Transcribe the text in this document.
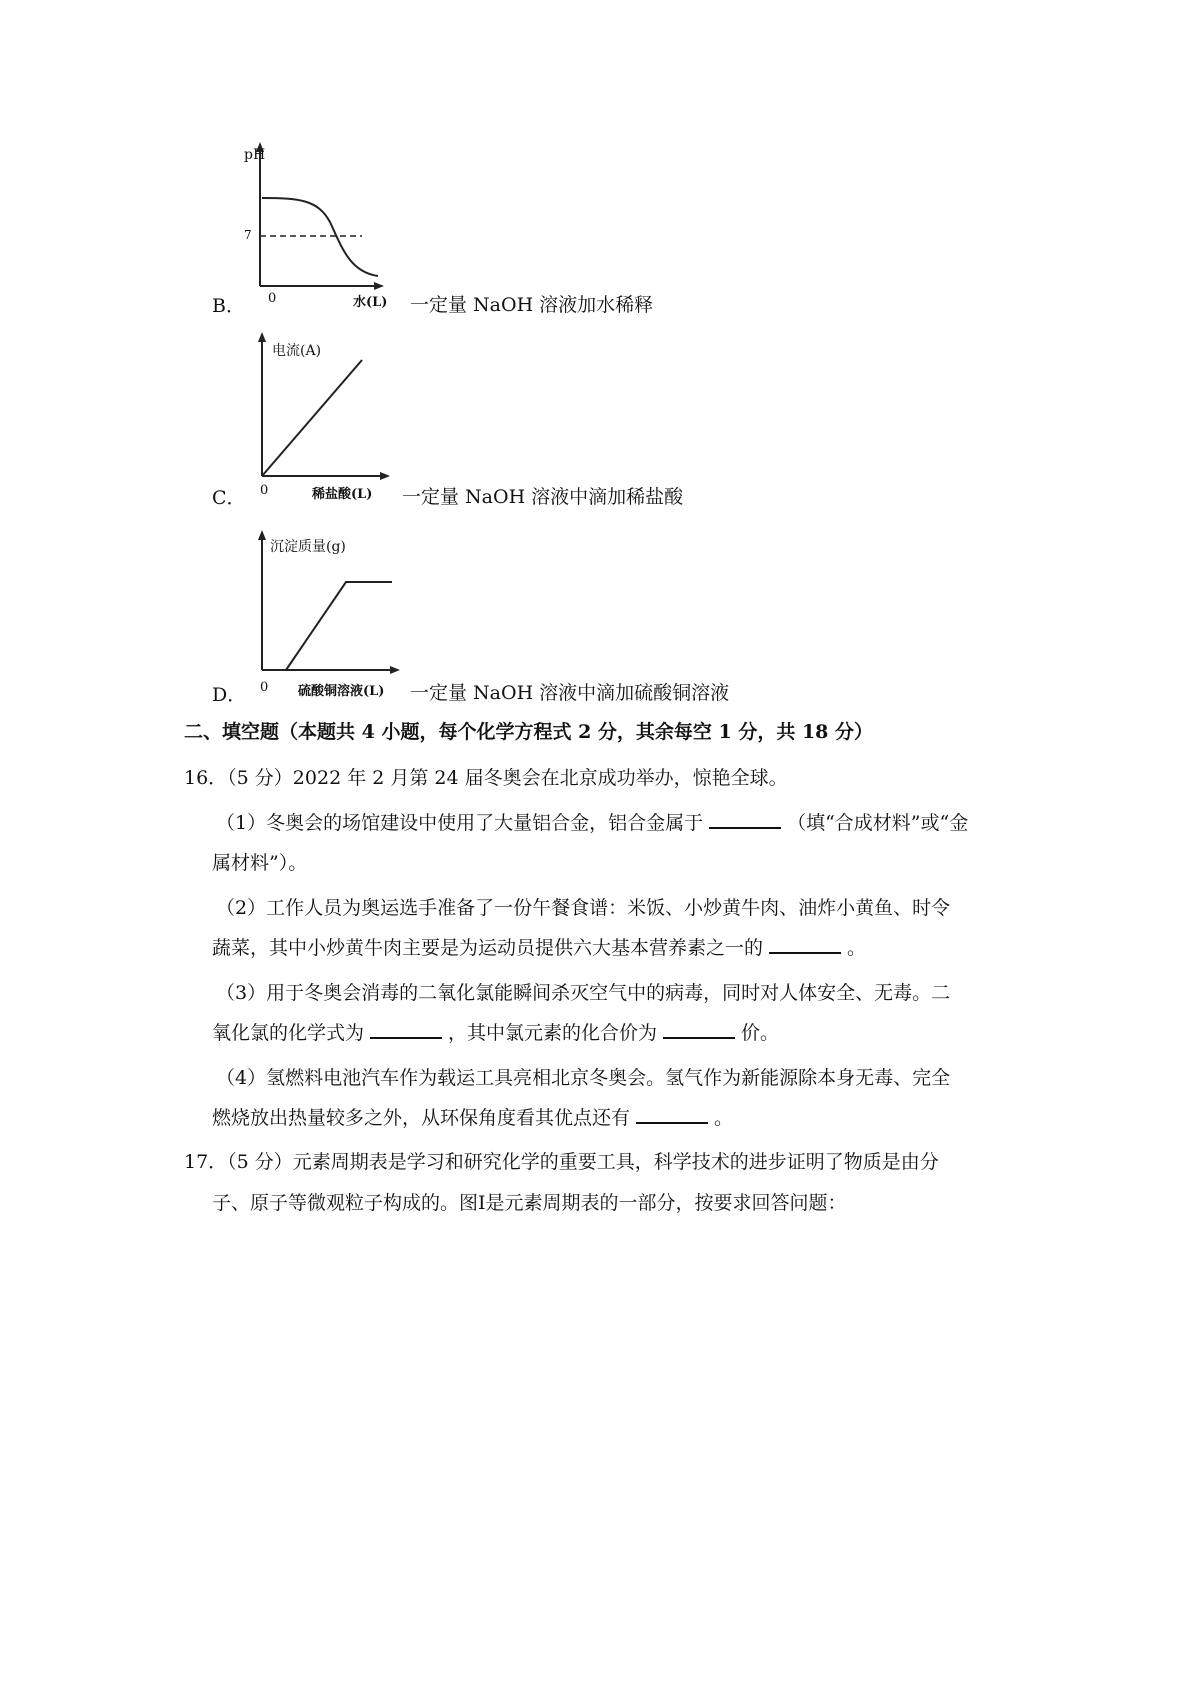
pH
7
0	水(L)
B．	一定量 NaOH 溶液加水稀释
电流(A)
0	稀盐酸(L)
C．	一定量 NaOH 溶液中滴加稀盐酸
沉淀质量(g)
0 硫酸铜溶液(L)
D．	一定量 NaOH 溶液中滴加硫酸铜溶液
二、填空题（本题共 4 小题，每个化学方程式 2 分，其余每空 1 分，共 18 分）
16．（5 分）2022 年 2 月第 24 届冬奥会在北京成功举办，惊艳全球。
（1）冬奥会的场馆建设中使用了大量铝合金，铝合金属于	（填“合成材料”或“金
属材料”）。
（2）工作人员为奥运选手准备了一份午餐食谱：米饭、小炒黄牛肉、油炸小黄鱼、时令
蔬菜，其中小炒黄牛肉主要是为运动员提供六大基本营养素之一的	。
（3）用于冬奥会消毒的二氧化氯能瞬间杀灭空气中的病毒，同时对人体安全、无毒。二
氧化氯的化学式为	，其中氯元素的化合价为	价。
（4）氢燃料电池汽车作为载运工具亮相北京冬奥会。氢气作为新能源除本身无毒、完全
燃烧放出热量较多之外，从环保角度看其优点还有	。
17．（5 分）元素周期表是学习和研究化学的重要工具，科学技术的进步证明了物质是由分
子、原子等微观粒子构成的。图Ⅰ是元素周期表的一部分，按要求回答问题：
